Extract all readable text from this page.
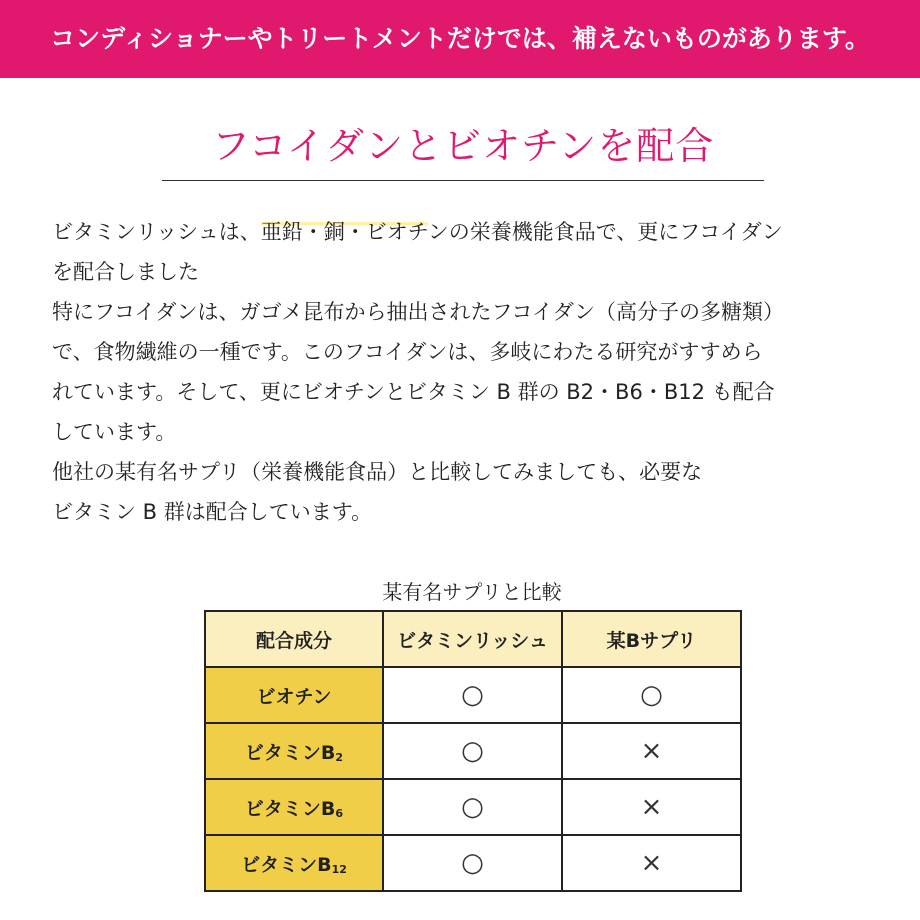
コンディショナーやトリートメントだけでは、補えないものがあります。
フコイダンとビオチンを配合

ビタミンリッシュは、亜鉛・銅・ビオチンの栄養機能食品で、更にフコイダン

を配合しました

特にフコイダンは、ガゴメ昆布から抽出されたフコイダン（高分子の多糖類）

で、食物繊維の一種です。このフコイダンは、多岐にわたる研究がすすめら

れています。そして、更にビオチンとビタミン B 群の B2・B6・B12 も配合

しています。

他社の某有名サプリ（栄養機能食品）と比較してみましても、必要な

ビタミン B 群は配合しています。

某有名サプリと比較
配合成分	ビタミンリッシュ	某Bサプリ
ビオチン	○	○
ビタミン$B_2$	○	×
ビタミン$B_6$	○	×
ビタミン$B_{12}$	○	×
